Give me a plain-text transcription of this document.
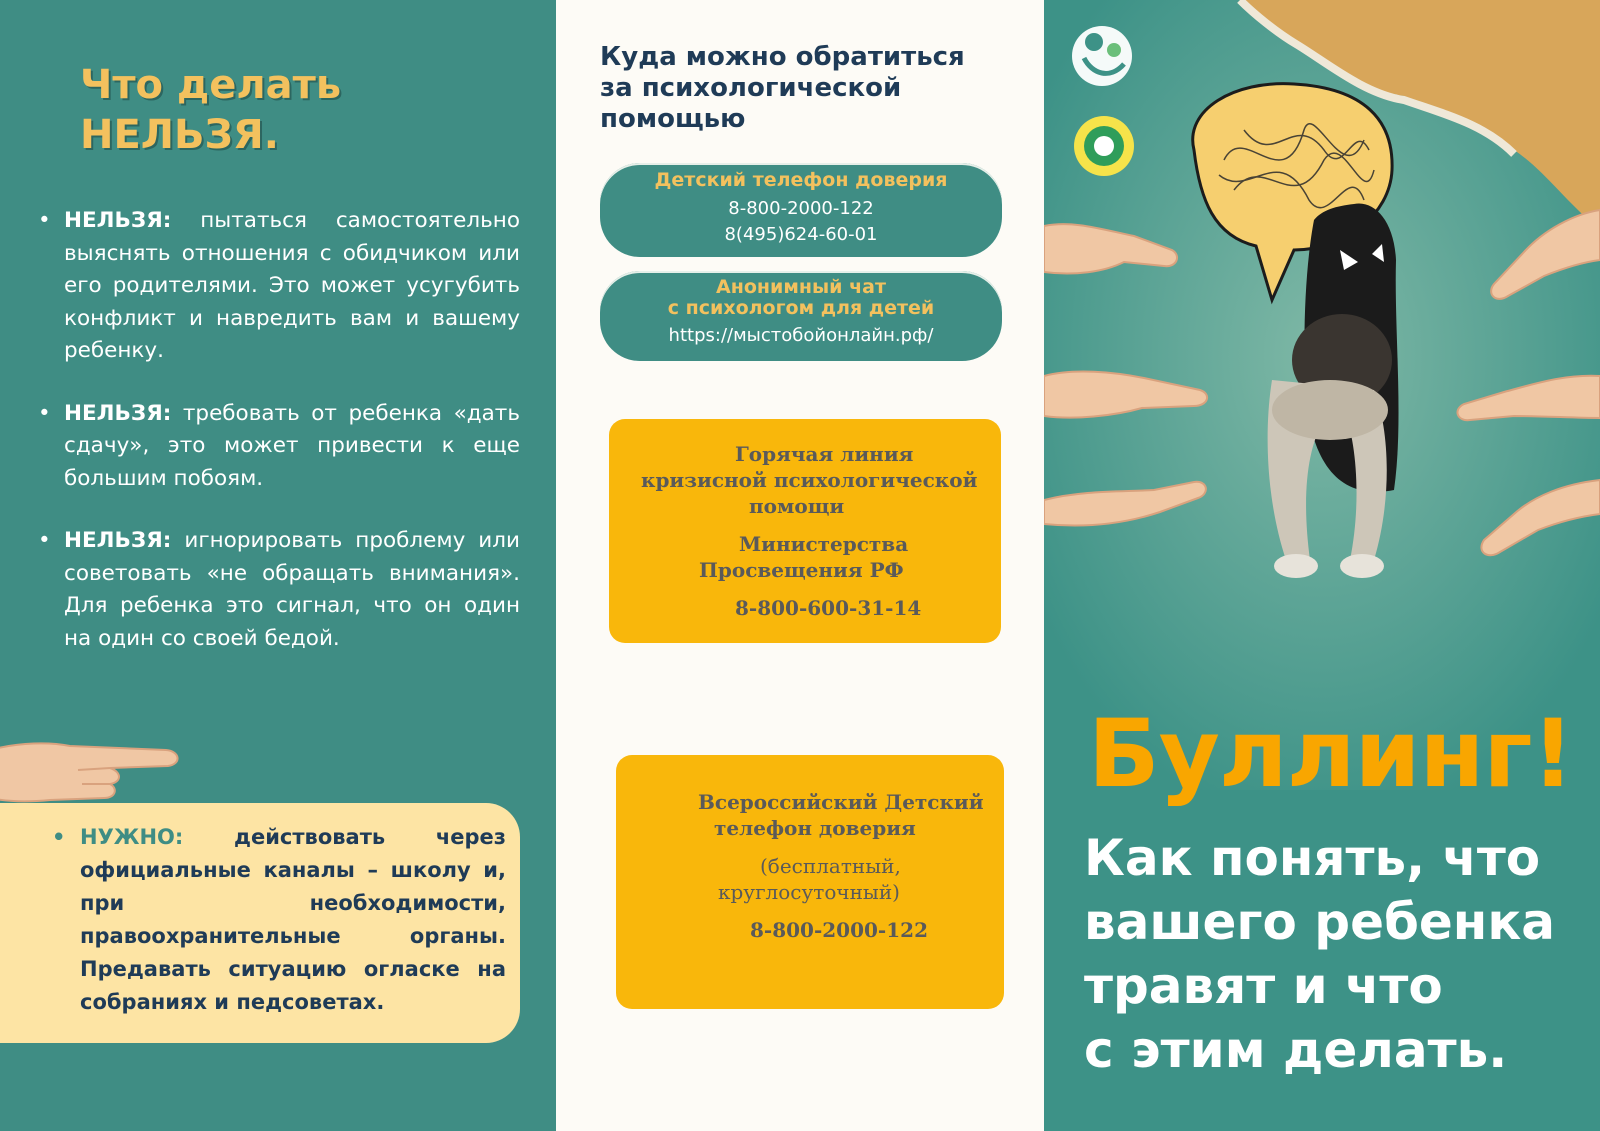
Что делать
НЕЛЬЗЯ.
• НЕЛЬЗЯ: пытаться самостоятельно выяснять отношения с обидчиком или его родителями. Это может усугубить конфликт и навредить вам и вашему ребенку.
• НЕЛЬЗЯ: требовать от ребенка «дать сдачу», это может привести к еще большим побоям.
• НЕЛЬЗЯ: игнорировать проблему или советовать «не обращать внимания». Для ребенка это сигнал, что он один на один со своей бедой.

• НУЖНО: действовать через официальные каналы – школу и, при необходимости, правоохранительные органы. Предавать ситуацию огласке на собраниях и педсоветах.

Куда можно обратиться
за психологической
помощью
Детский телефон доверия
8-800-2000-122
8(495)624-60-01
Анонимный чат
с психологом для детей
https://мыстобойонлайн.рф/
Горячая линия
кризисной психологической
помощи
Министерства
Просвещения РФ
8-800-600-31-14
Всероссийский Детский
телефон доверия
(бесплатный,
круглосуточный)
8-800-2000-122
Буллинг!
Как понять, что
вашего ребенка
травят и что
с этим делать.
